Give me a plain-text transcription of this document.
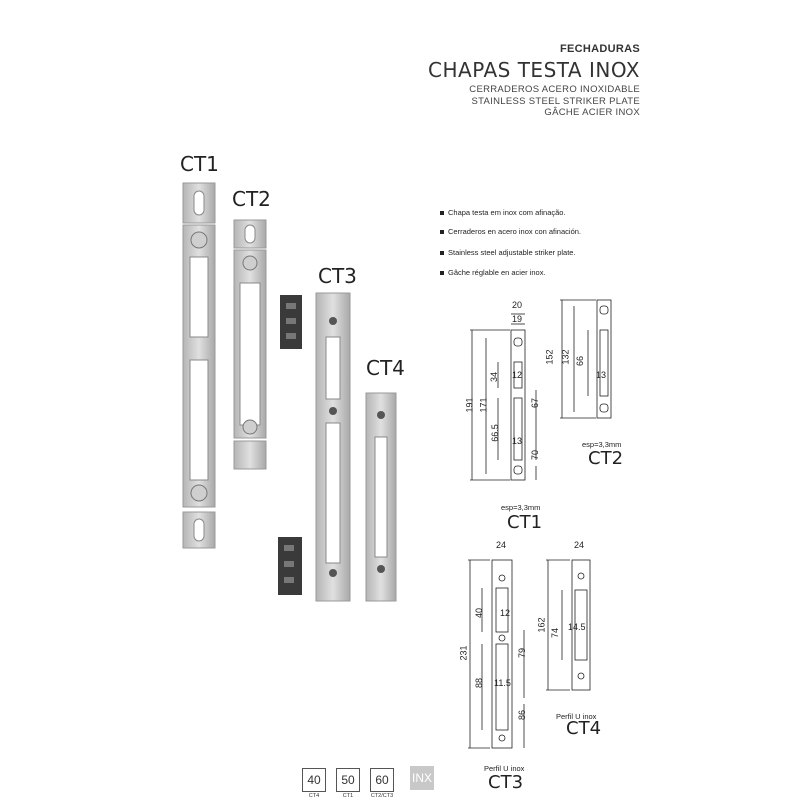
FECHADURAS
CHAPAS TESTA INOX
CERRADEROS ACERO INOXIDABLE
STAINLESS STEEL STRIKER PLATE
GÂCHE ACIER INOX
CT1
CT2
CT3
CT4
Chapa testa em inox com afinação.
Cerraderos en acero inox con afinación.
Stainless steel adjustable striker plate.
Gâche réglable en acier inox.
20
19
191 171
34 12
67
66.5 13
70
esp=3,3mm
CT1
152 132 66
13
esp=3,3mm
CT2
24
231
40 12
79
88 11.5
86
Perfil U inox
CT3
24
162
74
14.5
Perfil U inox
CT4
40
CT4
50
CT1
60
CT2/CT3
INX
